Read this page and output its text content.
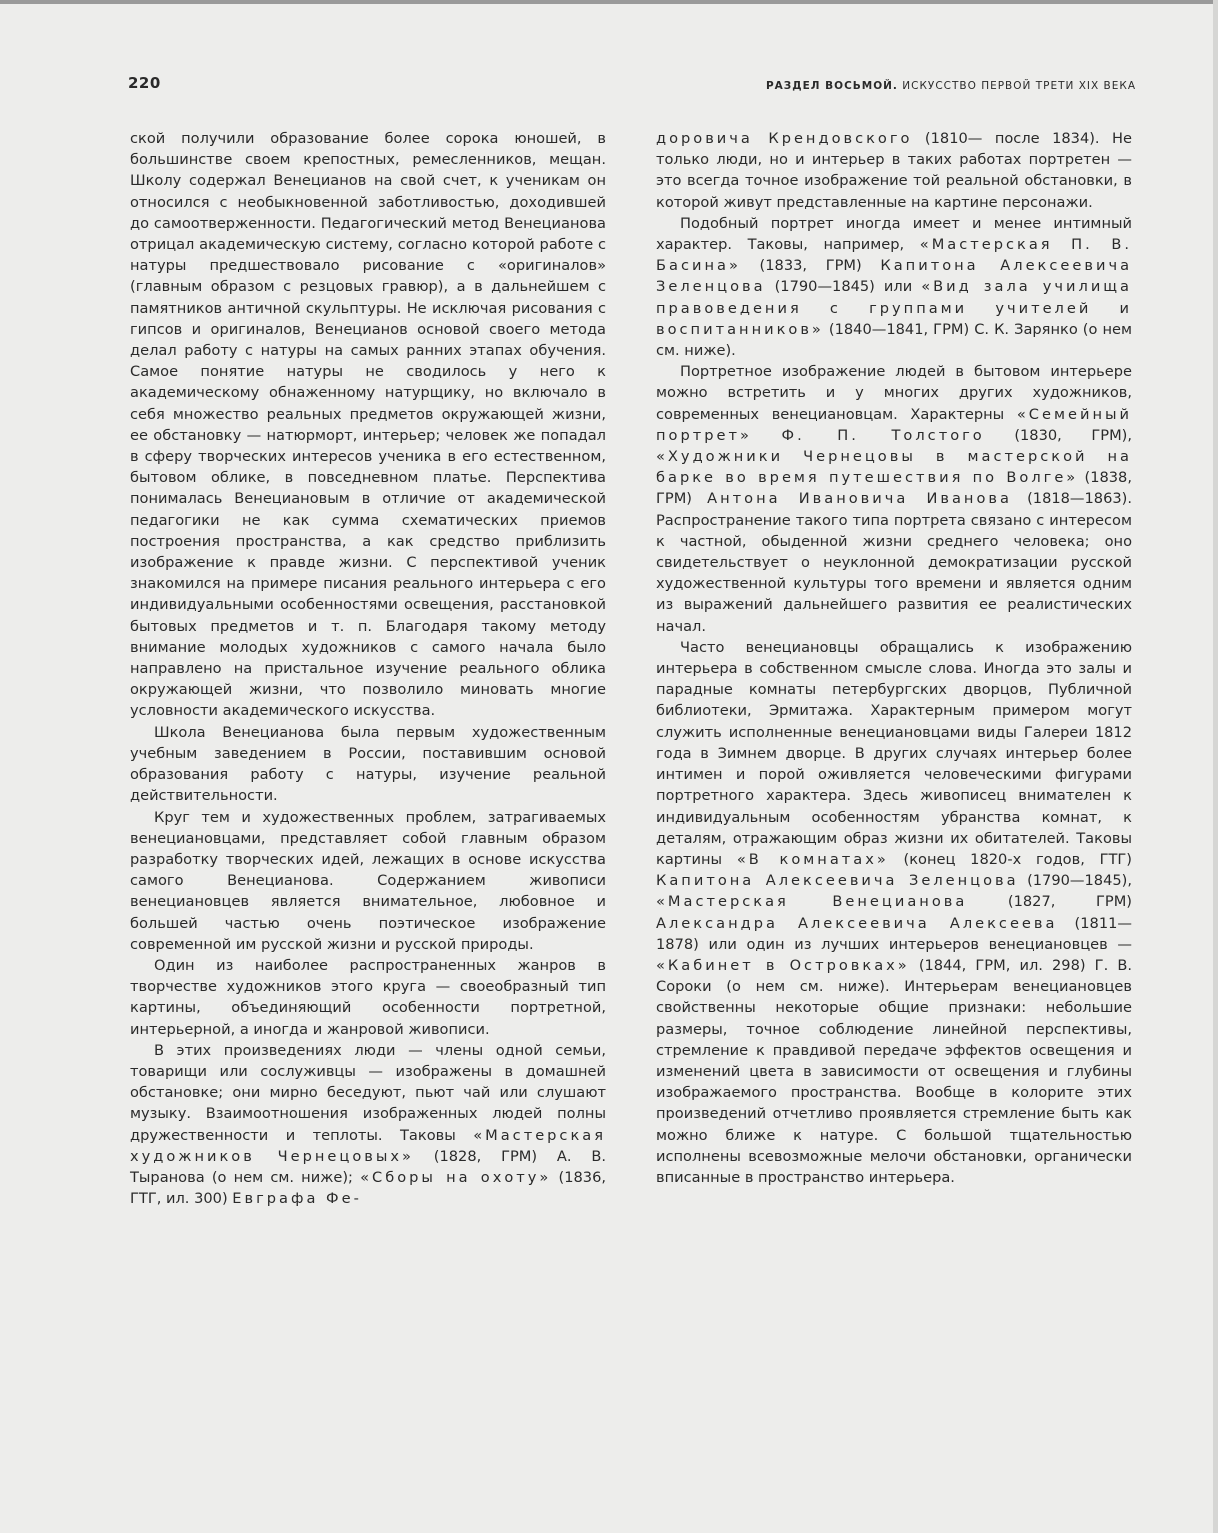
220	РАЗДЕЛ ВОСЬМОЙ. ИСКУССТВО ПЕРВОЙ ТРЕТИ XIX ВЕКА

ской получили образование более сорока юношей, в большинстве своем крепостных, ремесленников, мещан. Школу содержал Венецианов на свой счет, к ученикам он относился с необыкновенной заботливостью, доходившей до самоотверженности. Педагогический метод Венецианова отрицал академическую систему, согласно которой работе с натуры предшествовало рисование с «оригиналов» (главным образом с резцовых гравюр), а в дальнейшем с памятников античной скульптуры. Не исключая рисования с гипсов и оригиналов, Венецианов основой своего метода делал работу с натуры на самых ранних этапах обучения. Самое понятие натуры не сводилось у него к академическому обнаженному натурщику, но включало в себя множество реальных предметов окружающей жизни, ее обстановку — натюрморт, интерьер; человек же попадал в сферу творческих интересов ученика в его естественном, бытовом облике, в повседневном платье. Перспектива понималась Венециановым в отличие от академической педагогики не как сумма схематических приемов построения пространства, а как средство приблизить изображение к правде жизни. С перспективой ученик знакомился на примере писания реального интерьера с его индивидуальными особенностями освещения, расстановкой бытовых предметов и т. п. Благодаря такому методу внимание молодых художников с самого начала было направлено на пристальное изучение реального облика окружающей жизни, что позволило миновать многие условности академического искусства.

Школа Венецианова была первым художественным учебным заведением в России, поставившим основой образования работу с натуры, изучение реальной действительности.

Круг тем и художественных проблем, затрагиваемых венециановцами, представляет собой главным образом разработку творческих идей, лежащих в основе искусства самого Венецианова. Содержанием живописи венециановцев является внимательное, любовное и большей частью очень поэтическое изображение современной им русской жизни и русской природы.

Один из наиболее распространенных жанров в творчестве художников этого круга — своеобразный тип картины, объединяющий особенности портретной, интерьерной, а иногда и жанровой живописи.

В этих произведениях люди — члены одной семьи, товарищи или сослуживцы — изображены в домашней обстановке; они мирно беседуют, пьют чай или слушают музыку. Взаимоотношения изображенных людей полны дружественности и теплоты. Таковы «Мастерская художников Чернецовых» (1828, ГРМ) А. В. Тыранова (о нем см. ниже); «Сборы на охоту» (1836, ГТГ, ил. 300) Евграфа Фе-

доровича Крендовского (1810— после 1834). Не только люди, но и интерьер в таких работах портретен — это всегда точное изображение той реальной обстановки, в которой живут представленные на картине персонажи.

Подобный портрет иногда имеет и менее интимный характер. Таковы, например, «Мастерская П. В. Басина» (1833, ГРМ) Капитона Алексеевича Зеленцова (1790—1845) или «Вид зала училища правоведения с группами учителей и воспитанников» (1840—1841, ГРМ) С. К. Зарянко (о нем см. ниже).

Портретное изображение людей в бытовом интерьере можно встретить и у многих других художников, современных венециановцам. Характерны «Семейный портрет» Ф. П. Толстого (1830, ГРМ), «Художники Чернецовы в мастерской на барке во время путешествия по Волге» (1838, ГРМ) Антона Ивановича Иванова (1818—1863). Распространение такого типа портрета связано с интересом к частной, обыденной жизни среднего человека; оно свидетельствует о неуклонной демократизации русской художественной культуры того времени и является одним из выражений дальнейшего развития ее реалистических начал.

Часто венециановцы обращались к изображению интерьера в собственном смысле слова. Иногда это залы и парадные комнаты петербургских дворцов, Публичной библиотеки, Эрмитажа. Характерным примером могут служить исполненные венециановцами виды Галереи 1812 года в Зимнем дворце. В других случаях интерьер более интимен и порой оживляется человеческими фигурами портретного характера. Здесь живописец внимателен к индивидуальным особенностям убранства комнат, к деталям, отражающим образ жизни их обитателей. Таковы картины «В комнатах» (конец 1820-х годов, ГТГ) Капитона Алексеевича Зеленцова (1790—1845), «Мастерская Венецианова (1827, ГРМ) Александра Алексеевича Алексеева (1811—1878) или один из лучших интерьеров венециановцев — «Кабинет в Островках» (1844, ГРМ, ил. 298) Г. В. Сороки (о нем см. ниже). Интерьерам венециановцев свойственны некоторые общие признаки: небольшие размеры, точное соблюдение линейной перспективы, стремление к правдивой передаче эффектов освещения и изменений цвета в зависимости от освещения и глубины изображаемого пространства. Вообще в колорите этих произведений отчетливо проявляется стремление быть как можно ближе к натуре. С большой тщательностью исполнены всевозможные мелочи обстановки, органически вписанные в пространство интерьера.
